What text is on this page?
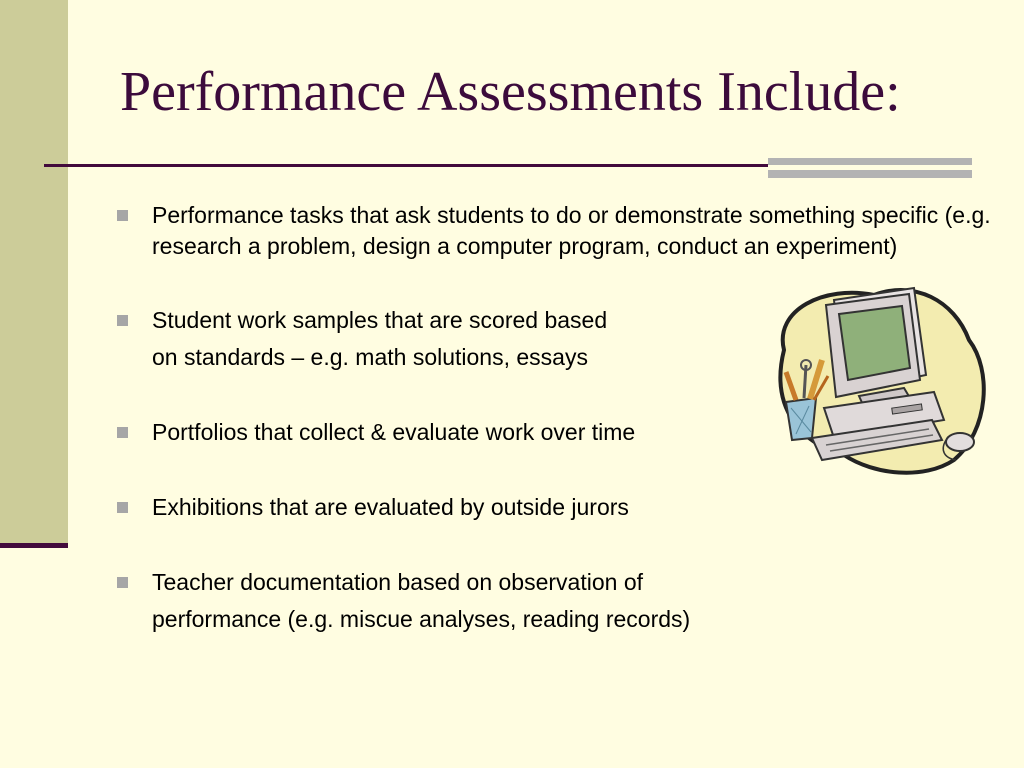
Performance Assessments Include:
Performance tasks that ask students to do or demonstrate something specific (e.g. research a problem, design a computer program, conduct an experiment)
Student work samples that are scored based
on standards – e.g. math solutions, essays
Portfolios that collect & evaluate work over time
Exhibitions that are evaluated by outside jurors
Teacher documentation based on observation of
performance (e.g. miscue analyses, reading records)
